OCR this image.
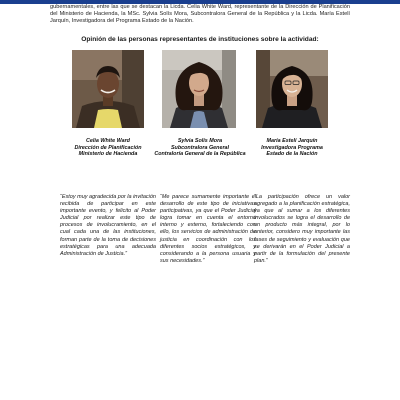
gubernamentales, entre las que se destacan la Licda. Celia White Ward, representante de la Dirección de Planificación del Ministerio de Hacienda, la MSc. Sylvia Solís Mora, Subcontralora General de la República y la Licda. María Estelí Jarquín, Investigadora del Programa Estado de la Nación.

Opinión de las personas representantes de instituciones sobre la actividad:
Celia White Ward
Dirección de Planificación
Ministerio de Hacienda
Sylvia Solís Mora
Subcontralora General
Contraloría General de la República
María Estelí Jarquín
Investigadora Programa
Estado de la Nación

“Estoy muy agradecida por la invitación recibida de participar en este importante evento, y felicito al Poder Judicial por realizar este tipo de procesos de involucramiento, en el cual cada una de las instituciones, forman parte de la toma de decisiones estratégicas para una adecuada Administración de Justicia.”

“Me parece sumamente importante el desarrollo de este tipo de iniciativas participativas, ya que el Poder Judicial logra tomar en cuenta el entorno interno y externo, fortaleciendo con ello, los servicios de administración de justicia en coordinación con los diferentes socios estratégicos, y considerando a la persona usuaria y sus necesidades.”

“La participación ofrece un valor agregado a la planificación estratégica, ya que al sumar a los diferentes involucrados se logra el desarrollo de un producto más integral, por lo anterior, considero muy importante las fases de seguimiento y evaluación que se derivarán en el Poder Judicial a partir de la formulación del presente plan.”
